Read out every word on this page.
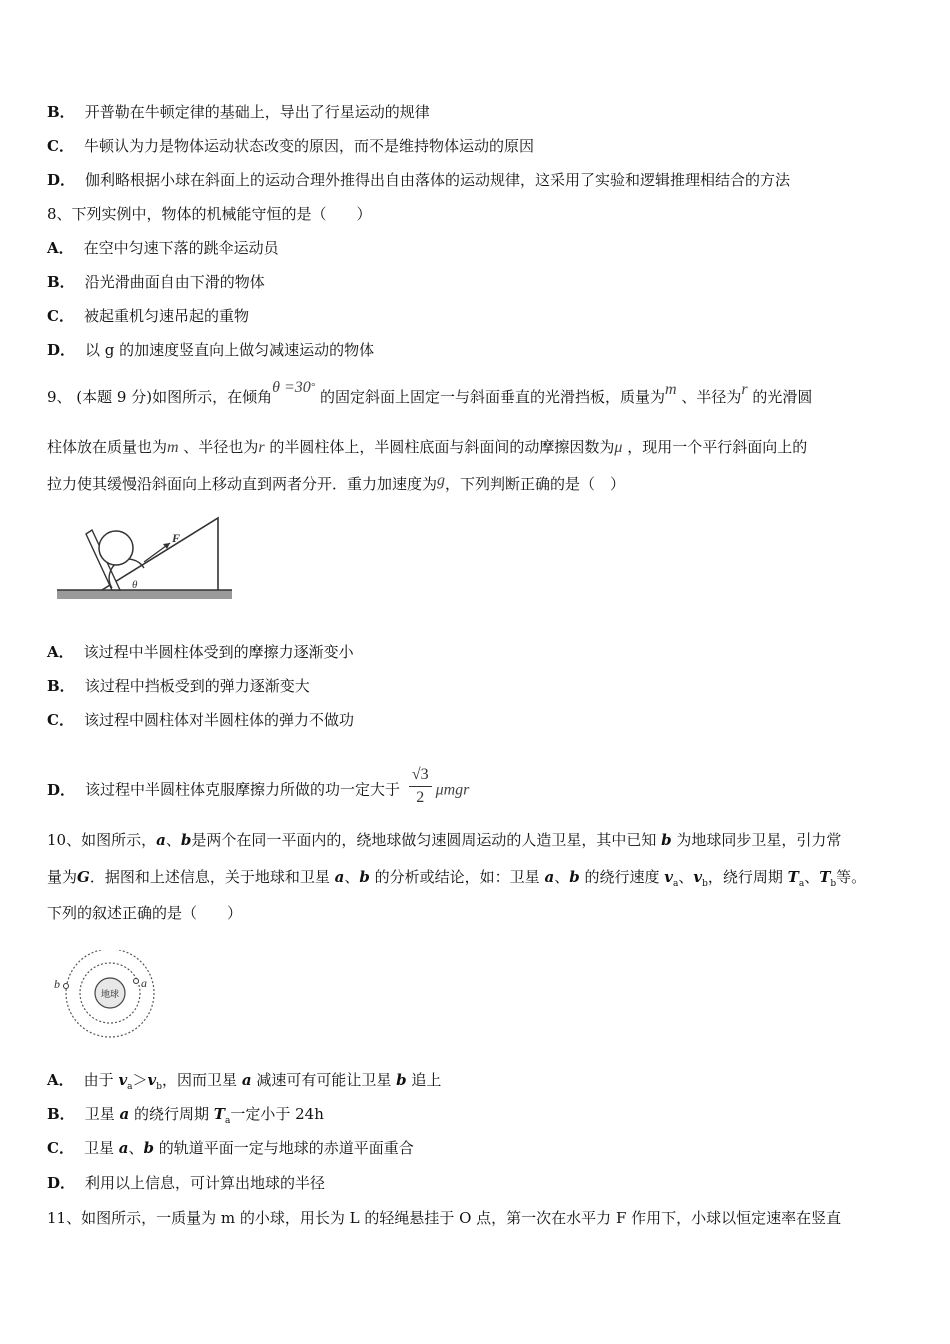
B． 开普勒在牛顿定律的基础上，导出了行星运动的规律
C． 牛顿认为力是物体运动状态改变的原因，而不是维持物体运动的原因
D． 伽利略根据小球在斜面上的运动合理外推得出自由落体的运动规律，这采用了实验和逻辑推理相结合的方法
8、下列实例中，物体的机械能守恒的是（　　）
A． 在空中匀速下落的跳伞运动员
B． 沿光滑曲面自由下滑的物体
C． 被起重机匀速吊起的重物
D． 以 g 的加速度竖直向上做匀减速运动的物体
9、 (本题 9 分)如图所示，在倾角θ =30° 的固定斜面上固定一与斜面垂直的光滑挡板，质量为m 、半径为r 的光滑圆
柱体放在质量也为m 、半径也为r 的半圆柱体上，半圆柱底面与斜面间的动摩擦因数为μ ，现用一个平行斜面向上的
拉力使其缓慢沿斜面向上移动直到两者分开．重力加速度为g，下列判断正确的是（　）
F
θ
A． 该过程中半圆柱体受到的摩擦力逐渐变小
B． 该过程中挡板受到的弹力逐渐变大
C． 该过程中圆柱体对半圆柱体的弹力不做功
D． 该过程中半圆柱体克服摩擦力所做的功一定大于 $\frac{√3}{2}$ μmgr
10、如图所示，a、b是两个在同一平面内的，绕地球做匀速圆周运动的人造卫星，其中已知 b 为地球同步卫星，引力常
量为G．据图和上述信息，关于地球和卫星 a、b 的分析或结论，如：卫星 a、b 的绕行速度 $v_a$、$v_b$，绕行周期 $T_a$、$T_b$等。
下列的叙述正确的是（　　）
地球
b	a
A． 由于 $v_a>v_b$，因而卫星 a 减速可有可能让卫星 b 追上
B． 卫星 a 的绕行周期 $T_a$一定小于 24h
C． 卫星 a、b 的轨道平面一定与地球的赤道平面重合
D． 利用以上信息，可计算出地球的半径
11、如图所示，一质量为 m 的小球，用长为 L 的轻绳悬挂于 O 点，第一次在水平力 F 作用下，小球以恒定速率在竖直
